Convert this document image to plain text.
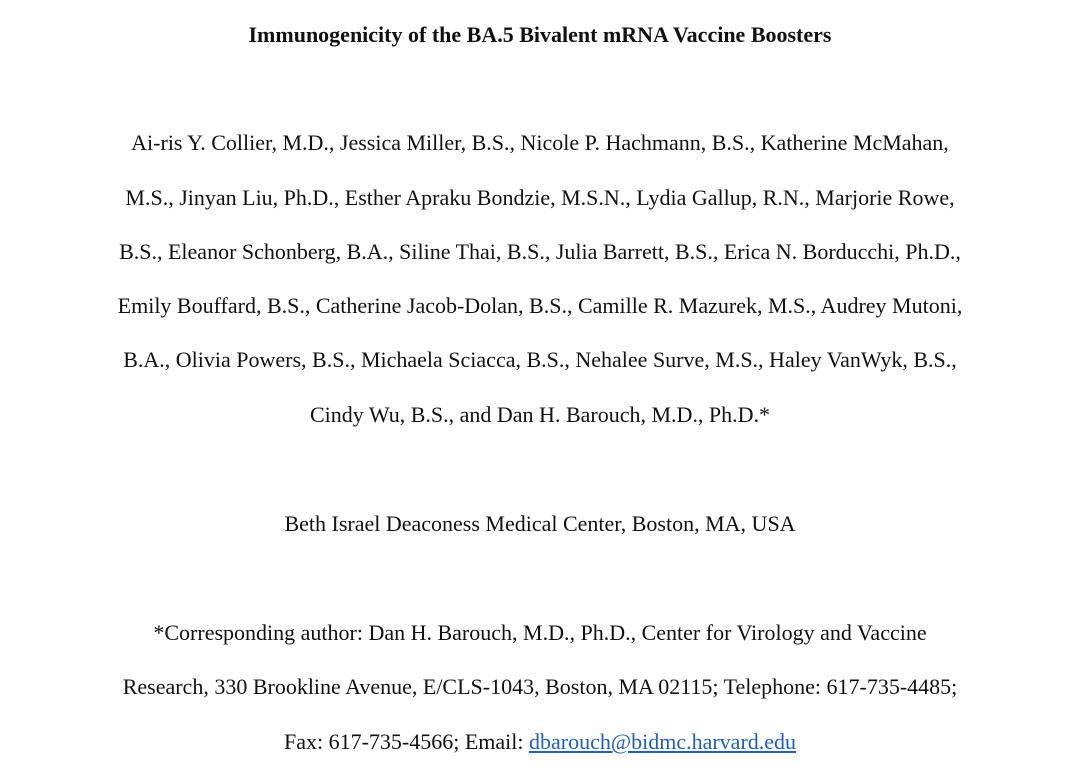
Immunogenicity of the BA.5 Bivalent mRNA Vaccine Boosters
Ai-ris Y. Collier, M.D., Jessica Miller, B.S., Nicole P. Hachmann, B.S., Katherine McMahan,
M.S., Jinyan Liu, Ph.D., Esther Apraku Bondzie, M.S.N., Lydia Gallup, R.N., Marjorie Rowe,
B.S., Eleanor Schonberg, B.A., Siline Thai, B.S., Julia Barrett, B.S., Erica N. Borducchi, Ph.D.,
Emily Bouffard, B.S., Catherine Jacob-Dolan, B.S., Camille R. Mazurek, M.S., Audrey Mutoni,
B.A., Olivia Powers, B.S., Michaela Sciacca, B.S., Nehalee Surve, M.S., Haley VanWyk, B.S.,
Cindy Wu, B.S., and Dan H. Barouch, M.D., Ph.D.*
Beth Israel Deaconess Medical Center, Boston, MA, USA
*Corresponding author: Dan H. Barouch, M.D., Ph.D., Center for Virology and Vaccine
Research, 330 Brookline Avenue, E/CLS-1043, Boston, MA 02115; Telephone: 617-735-4485;
Fax: 617-735-4566; Email: dbarouch@bidmc.harvard.edu
